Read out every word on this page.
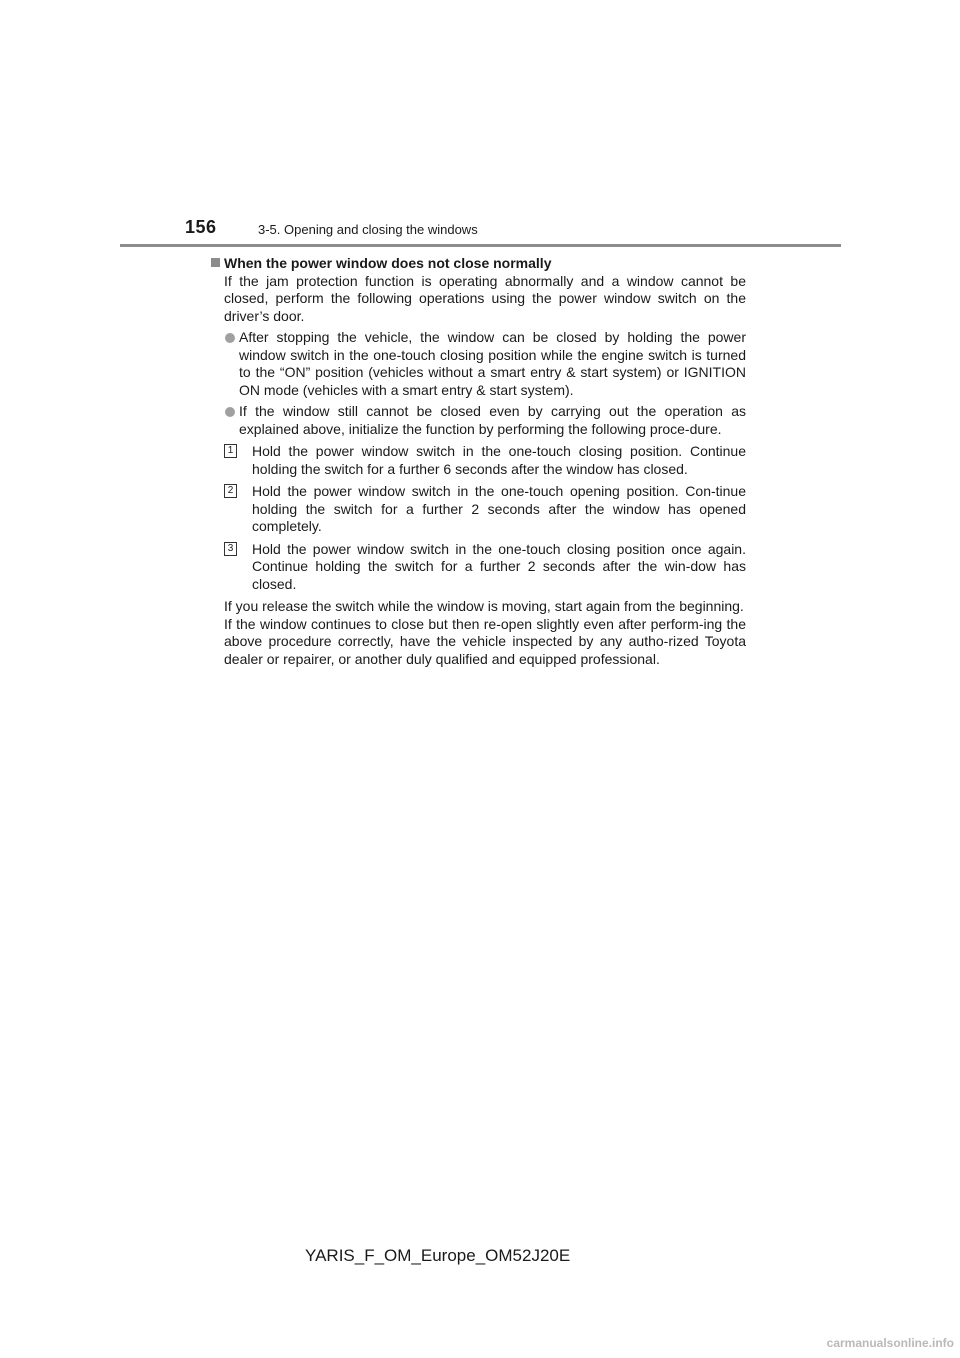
156	3-5. Opening and closing the windows
When the power window does not close normally
If the jam protection function is operating abnormally and a window cannot be closed, perform the following operations using the power window switch on the driver’s door.
After stopping the vehicle, the window can be closed by holding the power window switch in the one-touch closing position while the engine switch is turned to the “ON” position (vehicles without a smart entry & start system) or IGNITION ON mode (vehicles with a smart entry & start system).
If the window still cannot be closed even by carrying out the operation as explained above, initialize the function by performing the following proce-dure.
1 Hold the power window switch in the one-touch closing position. Continue holding the switch for a further 6 seconds after the window has closed.
2 Hold the power window switch in the one-touch opening position. Con-tinue holding the switch for a further 2 seconds after the window has opened completely.
3 Hold the power window switch in the one-touch closing position once again. Continue holding the switch for a further 2 seconds after the win-dow has closed.
If you release the switch while the window is moving, start again from the beginning.
If the window continues to close but then re-open slightly even after perform-ing the above procedure correctly, have the vehicle inspected by any autho-rized Toyota dealer or repairer, or another duly qualified and equipped professional.
YARIS_F_OM_Europe_OM52J20E
carmanualsonline.info
